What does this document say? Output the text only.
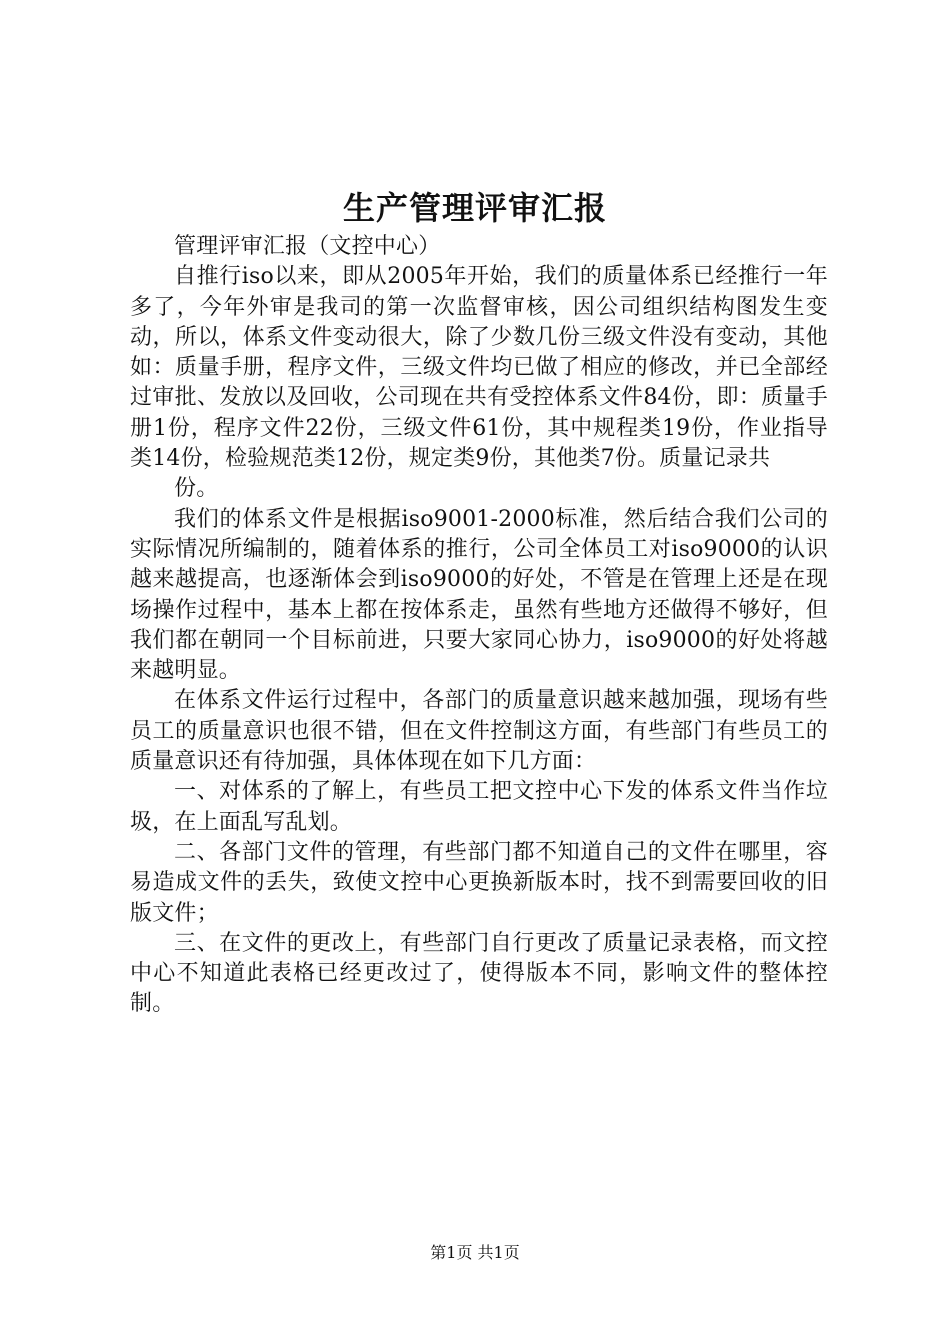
生产管理评审汇报

管理评审汇报（文控中心）

自推行iso以来，即从2005年开始，我们的质量体系已经推行一年多了，今年外审是我司的第一次监督审核，因公司组织结构图发生变动，所以，体系文件变动很大，除了少数几份三级文件没有变动，其他如：质量手册，程序文件，三级文件均已做了相应的修改，并已全部经过审批、发放以及回收，公司现在共有受控体系文件84份，即：质量手册1份，程序文件22份，三级文件61份，其中规程类19份，作业指导类14份，检验规范类12份，规定类9份，其他类7份。质量记录共

份。

我们的体系文件是根据iso9001-2000标准，然后结合我们公司的实际情况所编制的，随着体系的推行，公司全体员工对iso9000的认识越来越提高，也逐渐体会到iso9000的好处，不管是在管理上还是在现场操作过程中，基本上都在按体系走，虽然有些地方还做得不够好，但我们都在朝同一个目标前进，只要大家同心协力，iso9000的好处将越来越明显。

在体系文件运行过程中，各部门的质量意识越来越加强，现场有些员工的质量意识也很不错，但在文件控制这方面，有些部门有些员工的质量意识还有待加强，具体体现在如下几方面：

一、对体系的了解上，有些员工把文控中心下发的体系文件当作垃圾，在上面乱写乱划。

二、各部门文件的管理，有些部门都不知道自己的文件在哪里，容易造成文件的丢失，致使文控中心更换新版本时，找不到需要回收的旧版文件；

三、在文件的更改上，有些部门自行更改了质量记录表格，而文控中心不知道此表格已经更改过了，使得版本不同，影响文件的整体控制。

第1页 共1页
